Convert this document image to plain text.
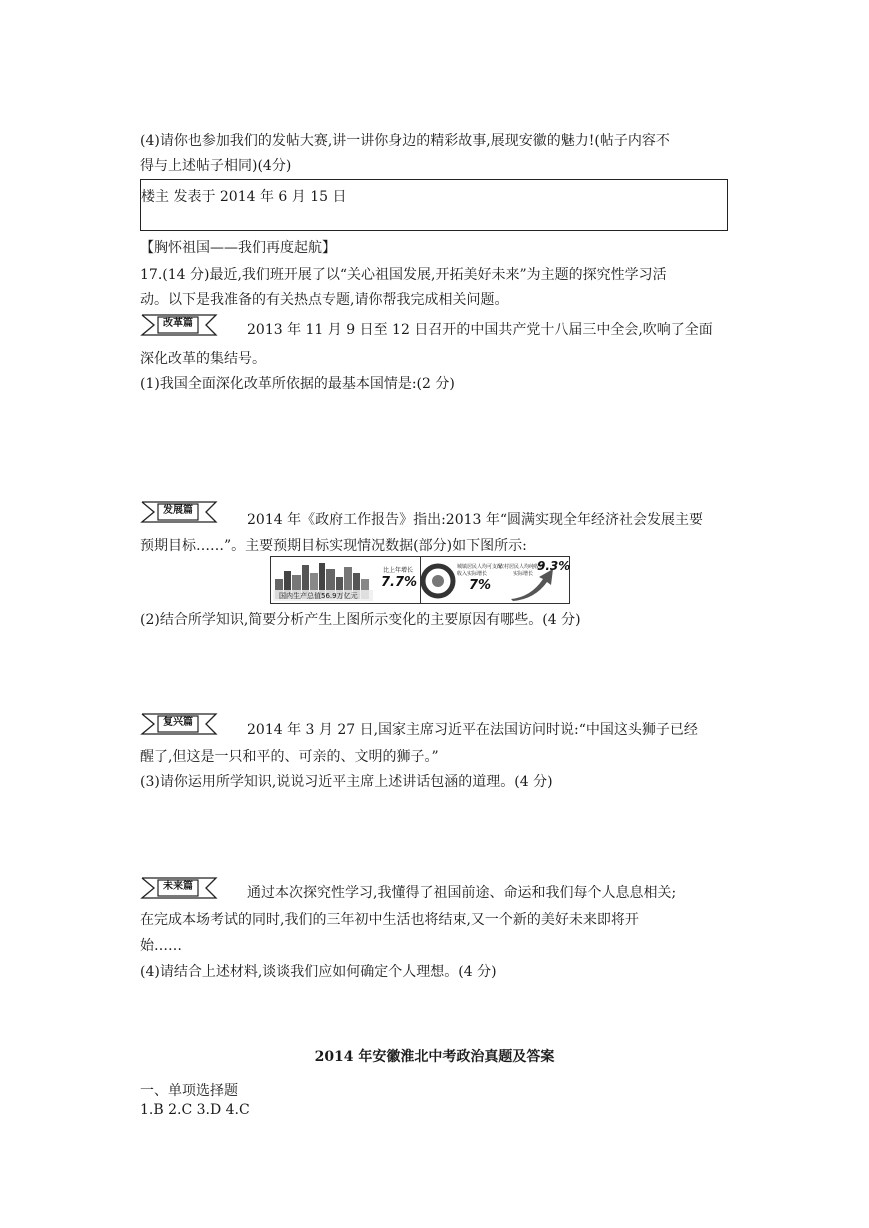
(4)请你也参加我们的发帖大赛,讲一讲你身边的精彩故事,展现安徽的魅力!(帖子内容不
得与上述帖子相同)(4分)
楼主 发表于 2014 年 6 月 15 日
【胸怀祖国——我们再度起航】
17.(14 分)最近,我们班开展了以“关心祖国发展,开拓美好未来”为主题的探究性学习活
动。以下是我准备的有关热点专题,请你帮我完成相关问题。
改革篇	2013 年 11 月 9 日至 12 日召开的中国共产党十八届三中全会,吹响了全面
深化改革的集结号。
(1)我国全面深化改革所依据的最基本国情是:(2 分)
发展篇
2014 年《政府工作报告》指出:2013 年“圆满实现全年经济社会发展主要
预期目标……”。主要预期目标实现情况数据(部分)如下图所示:
国内生产总值56.9万亿元
比上年增长
7.7%
城镇居民人均可支配
收入实际增长
7%
农村居民人均纯收入
实际增长
9.3%
(2)结合所学知识,简要分析产生上图所示变化的主要原因有哪些。(4 分)
复兴篇	2014 年 3 月 27 日,国家主席习近平在法国访问时说:“中国这头狮子已经
醒了,但这是一只和平的、可亲的、文明的狮子。”
(3)请你运用所学知识,说说习近平主席上述讲话包涵的道理。(4 分)
未来篇	通过本次探究性学习,我懂得了祖国前途、命运和我们每个人息息相关;
在完成本场考试的同时,我们的三年初中生活也将结束,又一个新的美好未来即将开
始……
(4)请结合上述材料,谈谈我们应如何确定个人理想。(4 分)
2014 年安徽淮北中考政治真题及答案
一、单项选择题
1.B 2.C 3.D 4.C
